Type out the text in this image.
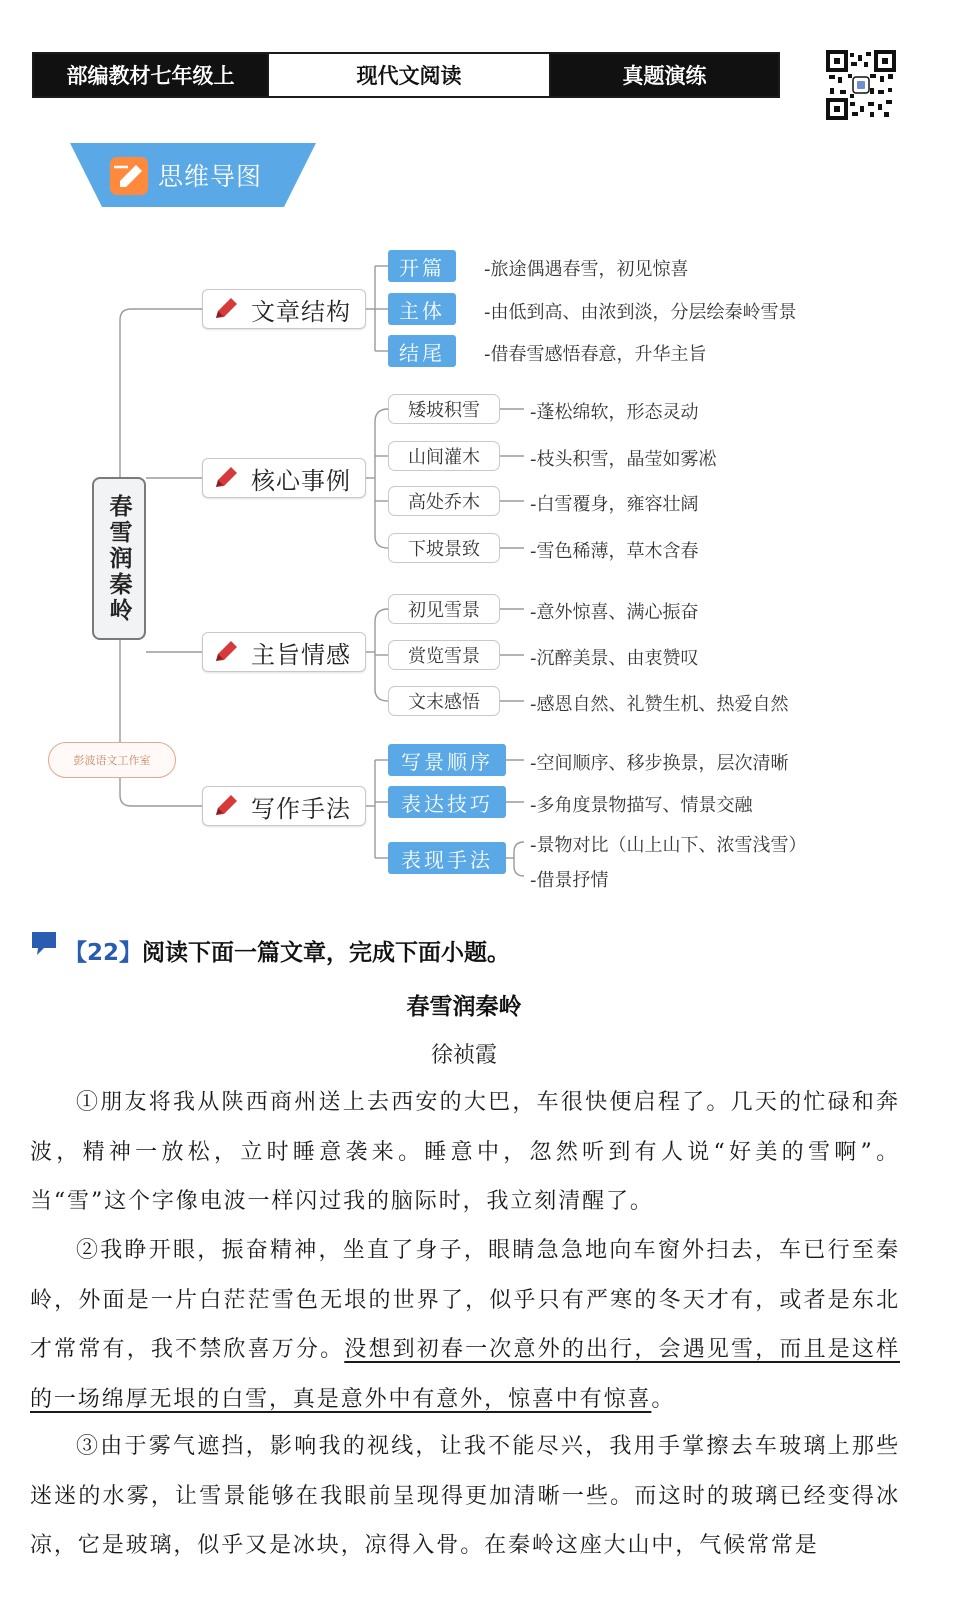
部编教材七年级上	现代文阅读	真题演练
思维导图
春雪润秦岭
文章结构
开篇
主体
结尾
-旅途偶遇春雪，初见惊喜
-由低到高、由浓到淡，分层绘秦岭雪景
-借春雪感悟春意，升华主旨
核心事例
矮坡积雪
山间灌木
高处乔木
下坡景致
-蓬松绵软，形态灵动
-枝头积雪，晶莹如雾凇
-白雪覆身，雍容壮阔
-雪色稀薄，草木含春
主旨情感
初见雪景
赏览雪景
文末感悟
-意外惊喜、满心振奋
-沉醉美景、由衷赞叹
-感恩自然、礼赞生机、热爱自然
彭波语文工作室
写作手法
写景顺序
表达技巧
表现手法
-空间顺序、移步换景，层次清晰
-多角度景物描写、情景交融
-景物对比（山上山下、浓雪浅雪）
-借景抒情
【22】阅读下面一篇文章，完成下面小题。
春雪润秦岭
徐祯霞
①朋友将我从陕西商州送上去西安的大巴，车很快便启程了。几天的忙碌和奔波，精神一放松，立时睡意袭来。睡意中，忽然听到有人说“好美的雪啊”。当“雪”这个字像电波一样闪过我的脑际时，我立刻清醒了。
②我睁开眼，振奋精神，坐直了身子，眼睛急急地向车窗外扫去，车已行至秦岭，外面是一片白茫茫雪色无垠的世界了，似乎只有严寒的冬天才有，或者是东北才常常有，我不禁欣喜万分。没想到初春一次意外的出行，会遇见雪，而且是这样的一场绵厚无垠的白雪，真是意外中有意外，惊喜中有惊喜。
③由于雾气遮挡，影响我的视线，让我不能尽兴，我用手掌擦去车玻璃上那些迷迷的水雾，让雪景能够在我眼前呈现得更加清晰一些。而这时的玻璃已经变得冰凉，它是玻璃，似乎又是冰块，凉得入骨。在秦岭这座大山中，气候常常是
